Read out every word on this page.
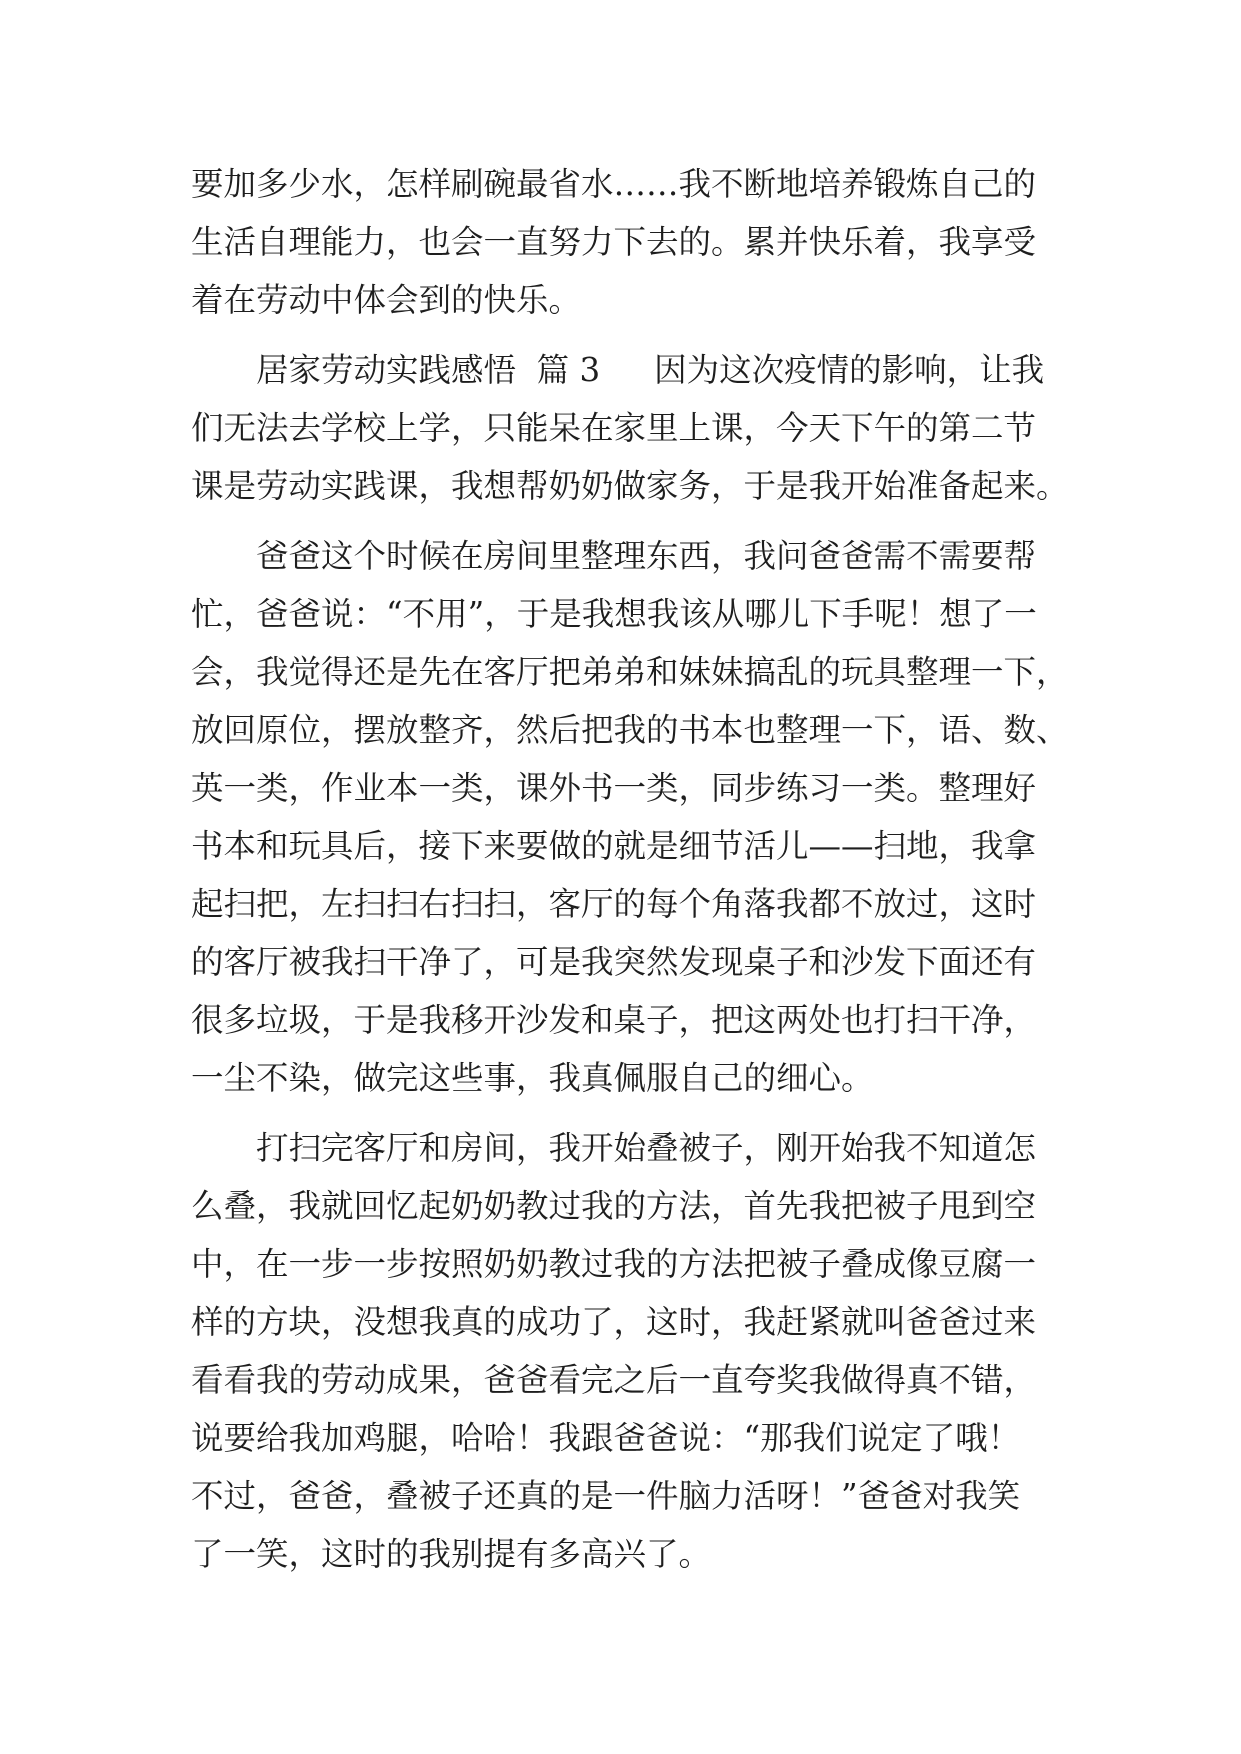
要加多少水，怎样刷碗最省水……我不断地培养锻炼自己的
生活自理能力，也会一直努力下去的。累并快乐着，我享受
着在劳动中体会到的快乐。
居家劳动实践感悟  篇 3 因为这次疫情的影响，让我
们无法去学校上学，只能呆在家里上课，今天下午的第二节
课是劳动实践课，我想帮奶奶做家务，于是我开始准备起来。
爸爸这个时候在房间里整理东西，我问爸爸需不需要帮
忙，爸爸说：“不用”，于是我想我该从哪儿下手呢！想了一
会，我觉得还是先在客厅把弟弟和妹妹搞乱的玩具整理一下，
放回原位，摆放整齐，然后把我的书本也整理一下，语、数、
英一类，作业本一类，课外书一类，同步练习一类。整理好
书本和玩具后，接下来要做的就是细节活儿——扫地，我拿
起扫把，左扫扫右扫扫，客厅的每个角落我都不放过，这时
的客厅被我扫干净了，可是我突然发现桌子和沙发下面还有
很多垃圾，于是我移开沙发和桌子，把这两处也打扫干净，
一尘不染，做完这些事，我真佩服自己的细心。
打扫完客厅和房间，我开始叠被子，刚开始我不知道怎
么叠，我就回忆起奶奶教过我的方法，首先我把被子甩到空
中，在一步一步按照奶奶教过我的方法把被子叠成像豆腐一
样的方块，没想我真的成功了，这时，我赶紧就叫爸爸过来
看看我的劳动成果，爸爸看完之后一直夸奖我做得真不错，
说要给我加鸡腿，哈哈！我跟爸爸说：“那我们说定了哦！
不过，爸爸，叠被子还真的是一件脑力活呀！”爸爸对我笑
了一笑，这时的我别提有多高兴了。
